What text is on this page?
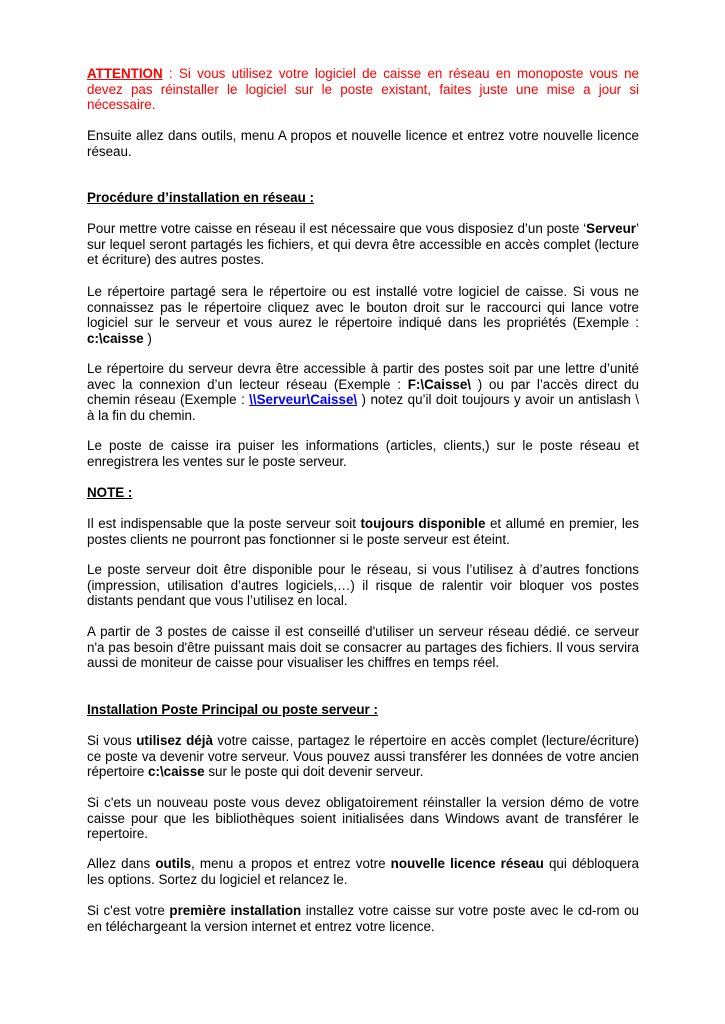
ATTENTION : Si vous utilisez votre logiciel de caisse en réseau en monoposte vous ne devez pas réinstaller le logiciel sur le poste existant, faites juste une mise a jour si nécessaire.

Ensuite allez dans outils, menu A propos et nouvelle licence et entrez votre nouvelle licence réseau.

Procédure d’installation en réseau :

Pour mettre votre caisse en réseau il est nécessaire que vous disposiez d’un poste ‘Serveur’ sur lequel seront partagés les fichiers, et qui devra être accessible en accès complet (lecture et écriture) des autres postes.

Le répertoire partagé sera le répertoire ou est installé votre logiciel de caisse. Si vous ne connaissez pas le répertoire cliquez avec le bouton droit sur le raccourci qui lance votre logiciel sur le serveur et vous aurez le répertoire indiqué dans les propriétés (Exemple : c:\caisse )

Le répertoire du serveur devra être accessible à partir des postes soit par une lettre d’unité avec la connexion d’un lecteur réseau (Exemple : F:\Caisse\ ) ou par l’accès direct du chemin réseau (Exemple : \\Serveur\Caisse\ ) notez qu’il doit toujours y avoir un antislash \ à la fin du chemin.

Le poste de caisse ira puiser les informations (articles, clients,) sur le poste réseau et enregistrera les ventes sur le poste serveur.

NOTE :

Il est indispensable que la poste serveur soit toujours disponible et allumé en premier, les postes clients ne pourront pas fonctionner si le poste serveur est éteint.

Le poste serveur doit être disponible pour le réseau, si vous l’utilisez à d’autres fonctions (impression, utilisation d’autres logiciels,…) il risque de ralentir voir bloquer vos postes distants pendant que vous l’utilisez en local.

A partir de 3 postes de caisse il est conseillé d'utiliser un serveur réseau dédié. ce serveur n'a pas besoin d'être puissant mais doit se consacrer au partages des fichiers. Il vous servira aussi de moniteur de caisse pour visualiser les chiffres en temps réel.

Installation Poste Principal ou poste serveur :

Si vous utilisez déjà votre caisse, partagez le répertoire en accès complet (lecture/écriture) ce poste va devenir votre serveur. Vous pouvez aussi transférer les données de votre ancien répertoire c:\caisse sur le poste qui doit devenir serveur.

Si c'ets un nouveau poste vous devez obligatoirement réinstaller la version démo de votre caisse pour que les bibliothèques soient initialisées dans Windows avant de transférer le repertoire.

Allez dans outils, menu a propos et entrez votre nouvelle licence réseau qui débloquera les options. Sortez du logiciel et relancez le.

Si c'est votre première installation installez votre caisse sur votre poste avec le cd-rom ou en téléchargeant la version internet et entrez votre licence.
